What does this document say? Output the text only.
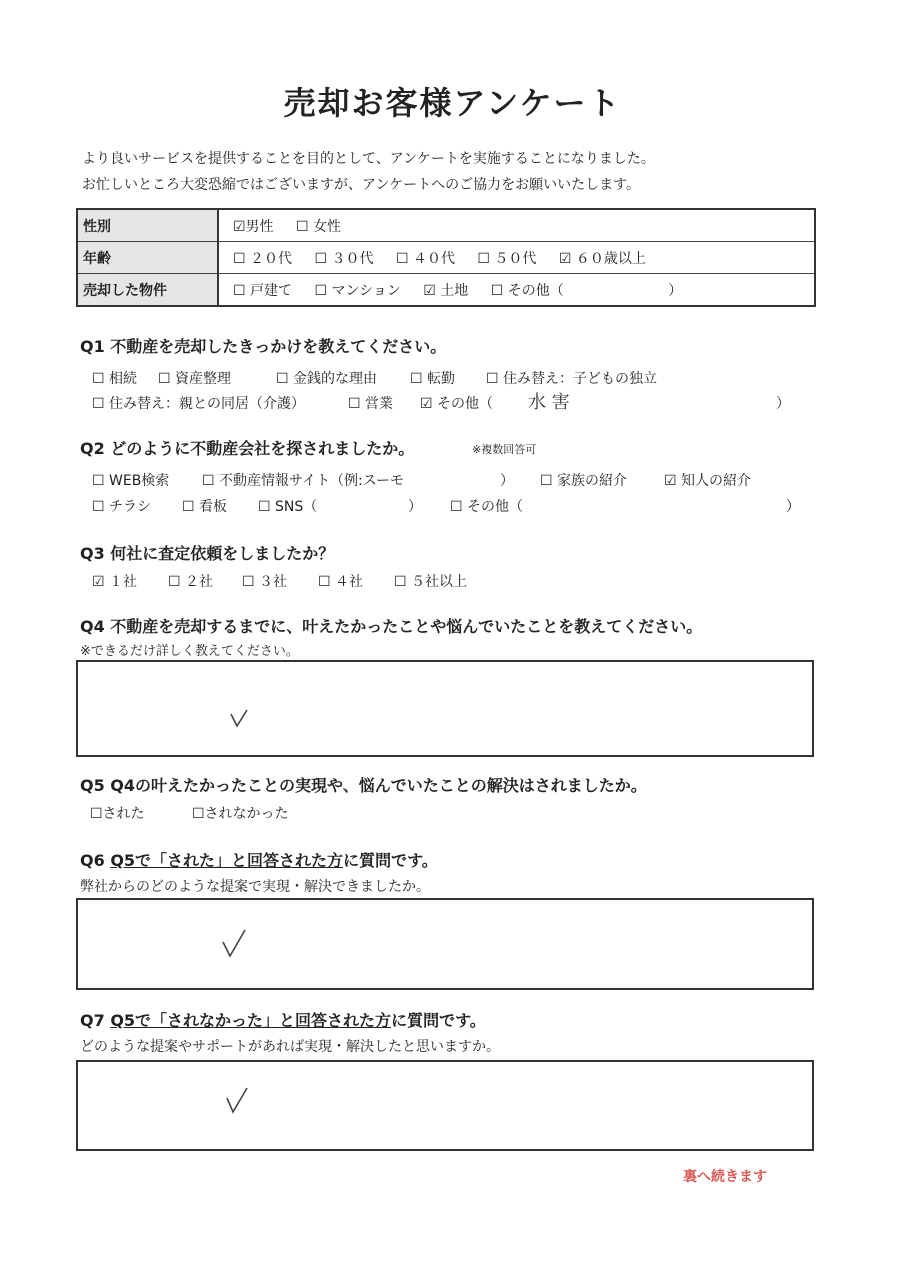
売却お客様アンケート
より良いサービスを提供することを目的として、アンケートを実施することになりました。
お忙しいところ大変恐縮ではございますが、アンケートへのご協力をお願いいたします。
性別	☑男性 ☐ 女性
年齢	☐ ２０代 ☐ ３０代 ☐ ４０代 ☐ ５０代 ☑ ６０歳以上
売却した物件	☐ 戸建て ☐ マンション ☑ 土地 ☐ その他（ ）
Q1 不動産を売却したきっかけを教えてください。
☐ 相続 ☐ 資産整理	☐ 金銭的な理由 ☐ 転勤 ☐ 住み替え：子どもの独立
☐ 住み替え：親との同居（介護）	☐ 営業 ☑ その他（ 水 害	）
Q2 どのように不動産会社を探されましたか。	※複数回答可
☐ WEB検索 ☐ 不動産情報サイト（例:スーモ	） ☐ 家族の紹介	☑ 知人の紹介
☐ チラシ ☐ 看板 ☐ SNS（	） ☐ その他（	）
Q3 何社に査定依頼をしましたか？
☑ １社 ☐ ２社 ☐ ３社 ☐ ４社 ☐ ５社以上
Q4 不動産を売却するまでに、叶えたかったことや悩んでいたことを教えてください。
※できるだけ詳しく教えてください。
Q5 Q4の叶えたかったことの実現や、悩んでいたことの解決はされましたか。
☐された	☐されなかった
Q6 Q5で「された」と回答された方に質問です。
弊社からのどのような提案で実現・解決できましたか。
Q7 Q5で「されなかった」と回答された方に質問です。
どのような提案やサポートがあれば実現・解決したと思いますか。
裏へ続きます
